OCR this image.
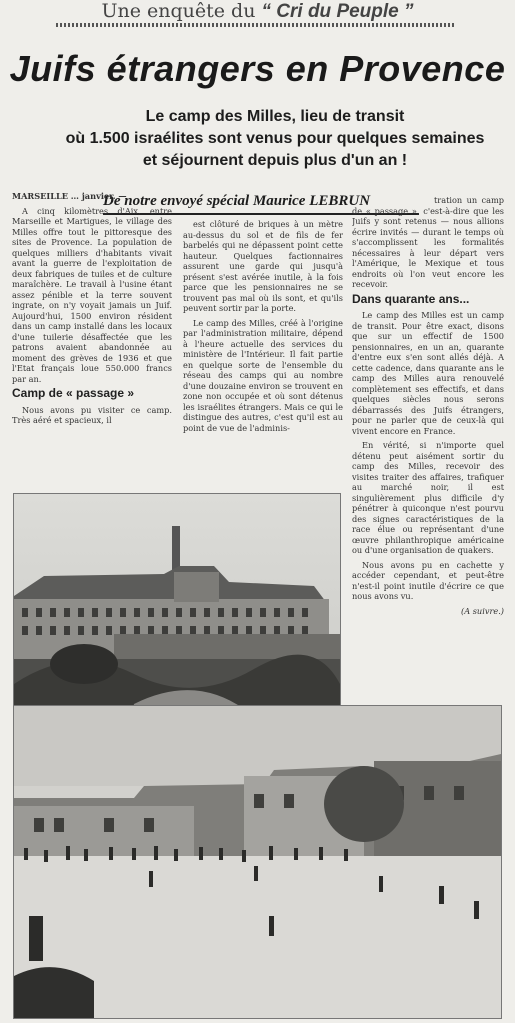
Une enquête du “ Cri du Peuple ”
Juifs étrangers en Provence
Le camp des Milles, lieu de transit
où 1.500 israélites sont venus pour quelques semaines
et séjournent depuis plus d'un an !
De notre envoyé spécial Maurice LEBRUN

MARSEILLE … janvier. —

A cinq kilomètres d'Aix, entre Marseille et Martigues, le village des Milles offre tout le pittoresque des sites de Provence. La population de quelques milliers d'habitants vivait avant la guerre de l'exploitation de deux fabriques de tuiles et de culture maraîchère. Le travail à l'usine étant assez pénible et la terre souvent ingrate, on n'y voyait jamais un Juif. Aujourd'hui, 1500 environ résident dans un camp installé dans les locaux d'une tuilerie désaffectée que les patrons avaient abandonnée au moment des grèves de 1936 et que l'Etat français loue 550.000 francs par an.

Camp de « passage »

Nous avons pu visiter ce camp. Très aéré et spacieux, il

est clôturé de briques à un mètre au-dessus du sol et de fils de fer barbelés qui ne dépassent point cette hauteur. Quelques factionnaires assurent une garde qui jusqu'à présent s'est avérée inutile, à la fois parce que les pensionnaires ne se trouvent pas mal où ils sont, et qu'ils peuvent sortir par la porte.

Le camp des Milles, créé à l'origine par l'administration militaire, dépend à l'heure actuelle des services du ministère de l'Intérieur. Il fait partie en quelque sorte de l'ensemble du réseau des camps qui au nombre d'une douzaine environ se trouvent en zone non occupée et où sont détenus les israélites étrangers. Mais ce qui le distingue des autres, c'est qu'il est au point de vue de l'adminis-

tration un camp de « passage », c'est-à-dire que les Juifs y sont retenus — nous allions écrire invités — durant le temps où s'accomplissent les formalités nécessaires à leur départ vers l'Amérique, le Mexique et tous endroits où l'on veut encore les recevoir.

Dans quarante ans...

Le camp des Milles est un camp de transit. Pour être exact, disons que sur un effectif de 1500 pensionnaires, en un an, quarante d'entre eux s'en sont allés déjà. A cette cadence, dans quarante ans le camp des Milles aura renouvelé complètement ses effectifs, et dans quelques siècles nous serons débarrassés des Juifs étrangers, pour ne parler que de ceux-là qui vivent encore en France.

En vérité, si n'importe quel détenu peut aisément sortir du camp des Milles, recevoir des visites traiter des affaires, trafiquer au marché noir, il est singulièrement plus difficile d'y pénétrer à quiconque n'est pourvu des signes caractéristiques de la race élue ou représentant d'une œuvre philanthropique américaine ou d'une organisation de quakers.

Nous avons pu en cachette y accéder cependant, et peut-être n'est-il point inutile d'écrire ce que nous avons vu.

(A suivre.)
